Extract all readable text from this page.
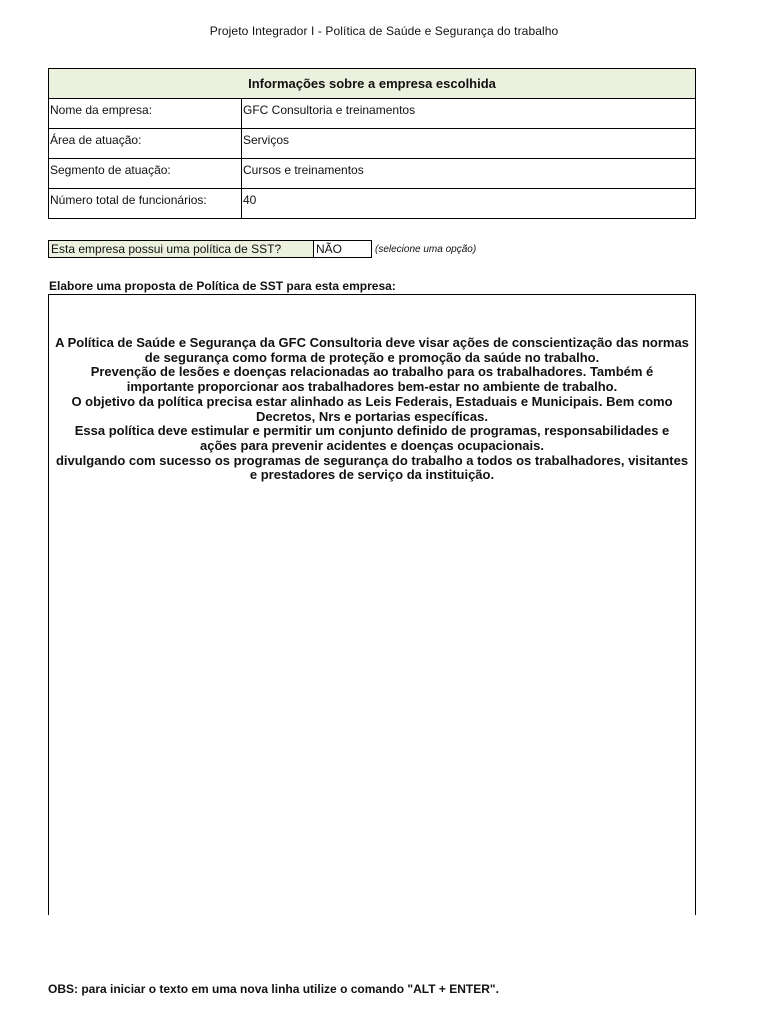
Projeto Integrador I - Política de Saúde e Segurança do trabalho
Informações sobre a empresa escolhida	
Nome da empresa:	GFC Consultoria e treinamentos
Área de atuação:	Serviços
Segmento de atuação:	Cursos e treinamentos
Número total de funcionários:	40
Esta empresa possui uma política de SST?	NÃO	(selecione uma opção)
Elabore uma proposta de Política de SST para esta empresa:
A Política de Saúde e Segurança da GFC Consultoria deve visar ações de conscientização das normas
de segurança como forma de proteção e promoção da saúde no trabalho.
Prevenção de lesões e doenças relacionadas ao trabalho para os trabalhadores. Também é
importante proporcionar aos trabalhadores bem-estar no ambiente de trabalho.
O objetivo da política precisa estar alinhado as Leis Federais, Estaduais e Municipais. Bem como
Decretos, Nrs e portarias específicas.
Essa política deve estimular e permitir um conjunto definido de programas, responsabilidades e
ações para prevenir acidentes e doenças ocupacionais.
divulgando com sucesso os programas de segurança do trabalho a todos os trabalhadores, visitantes
e prestadores de serviço da instituição.
OBS: para iniciar o texto em uma nova linha utilize o comando "ALT + ENTER".
